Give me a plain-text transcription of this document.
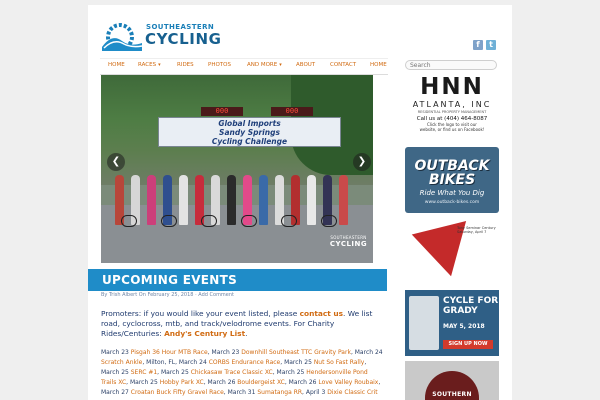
SOUTHEASTERN
CYCLING	f	t
HOME RACES ▾	RIDES	PHOTOS	AND MORE ▾	ABOUT	CONTACT	HOME
Search
000	000
Global Imports
Sandy Springs
Cycling Challenge
❮	❯
SOUTHEASTERN
CYCLING
UPCOMING EVENTS
By Trish Albert On February 25, 2018 · Add Comment
Promoters: if you would like your event listed, please contact us. We list road, cyclocross, mtb, and track/velodrome events. For Charity Rides/Centuries: Andy's Century List.
March 23 Pisgah 36 Hour MTB Race, March 23 Downhill Southeast TTC Gravity Park, March 24 Scratch Ankle, Milton, FL, March 24 CORBS Endurance Race, March 25 Nut So Fast Rally, March 25 SERC #1, March 25 Chickasaw Trace Classic XC, March 25 Hendersonville Pond Trails XC, March 25 Hobby Park XC, March 26 Bouldergeist XC, March 26 Love Valley Roubaix, March 27 Croatan Buck Fifty Gravel Race, March 31 Sumatanga RR, April 3 Dixie Classic Crit
HNN
ATLANTA, INC
RESIDENTIAL PROPERTY MANAGEMENT
Call us at (404) 464-8087
Click the logo to visit our
website, or find us on Facebook!
OUTBACK BIKES
Ride What You Dig
www.outback-bikes.com
Tony Seminar Century Saturday, April 7
CYCLE FOR GRADY
MAY 5, 2018
SIGN UP NOW
SOUTHERN
